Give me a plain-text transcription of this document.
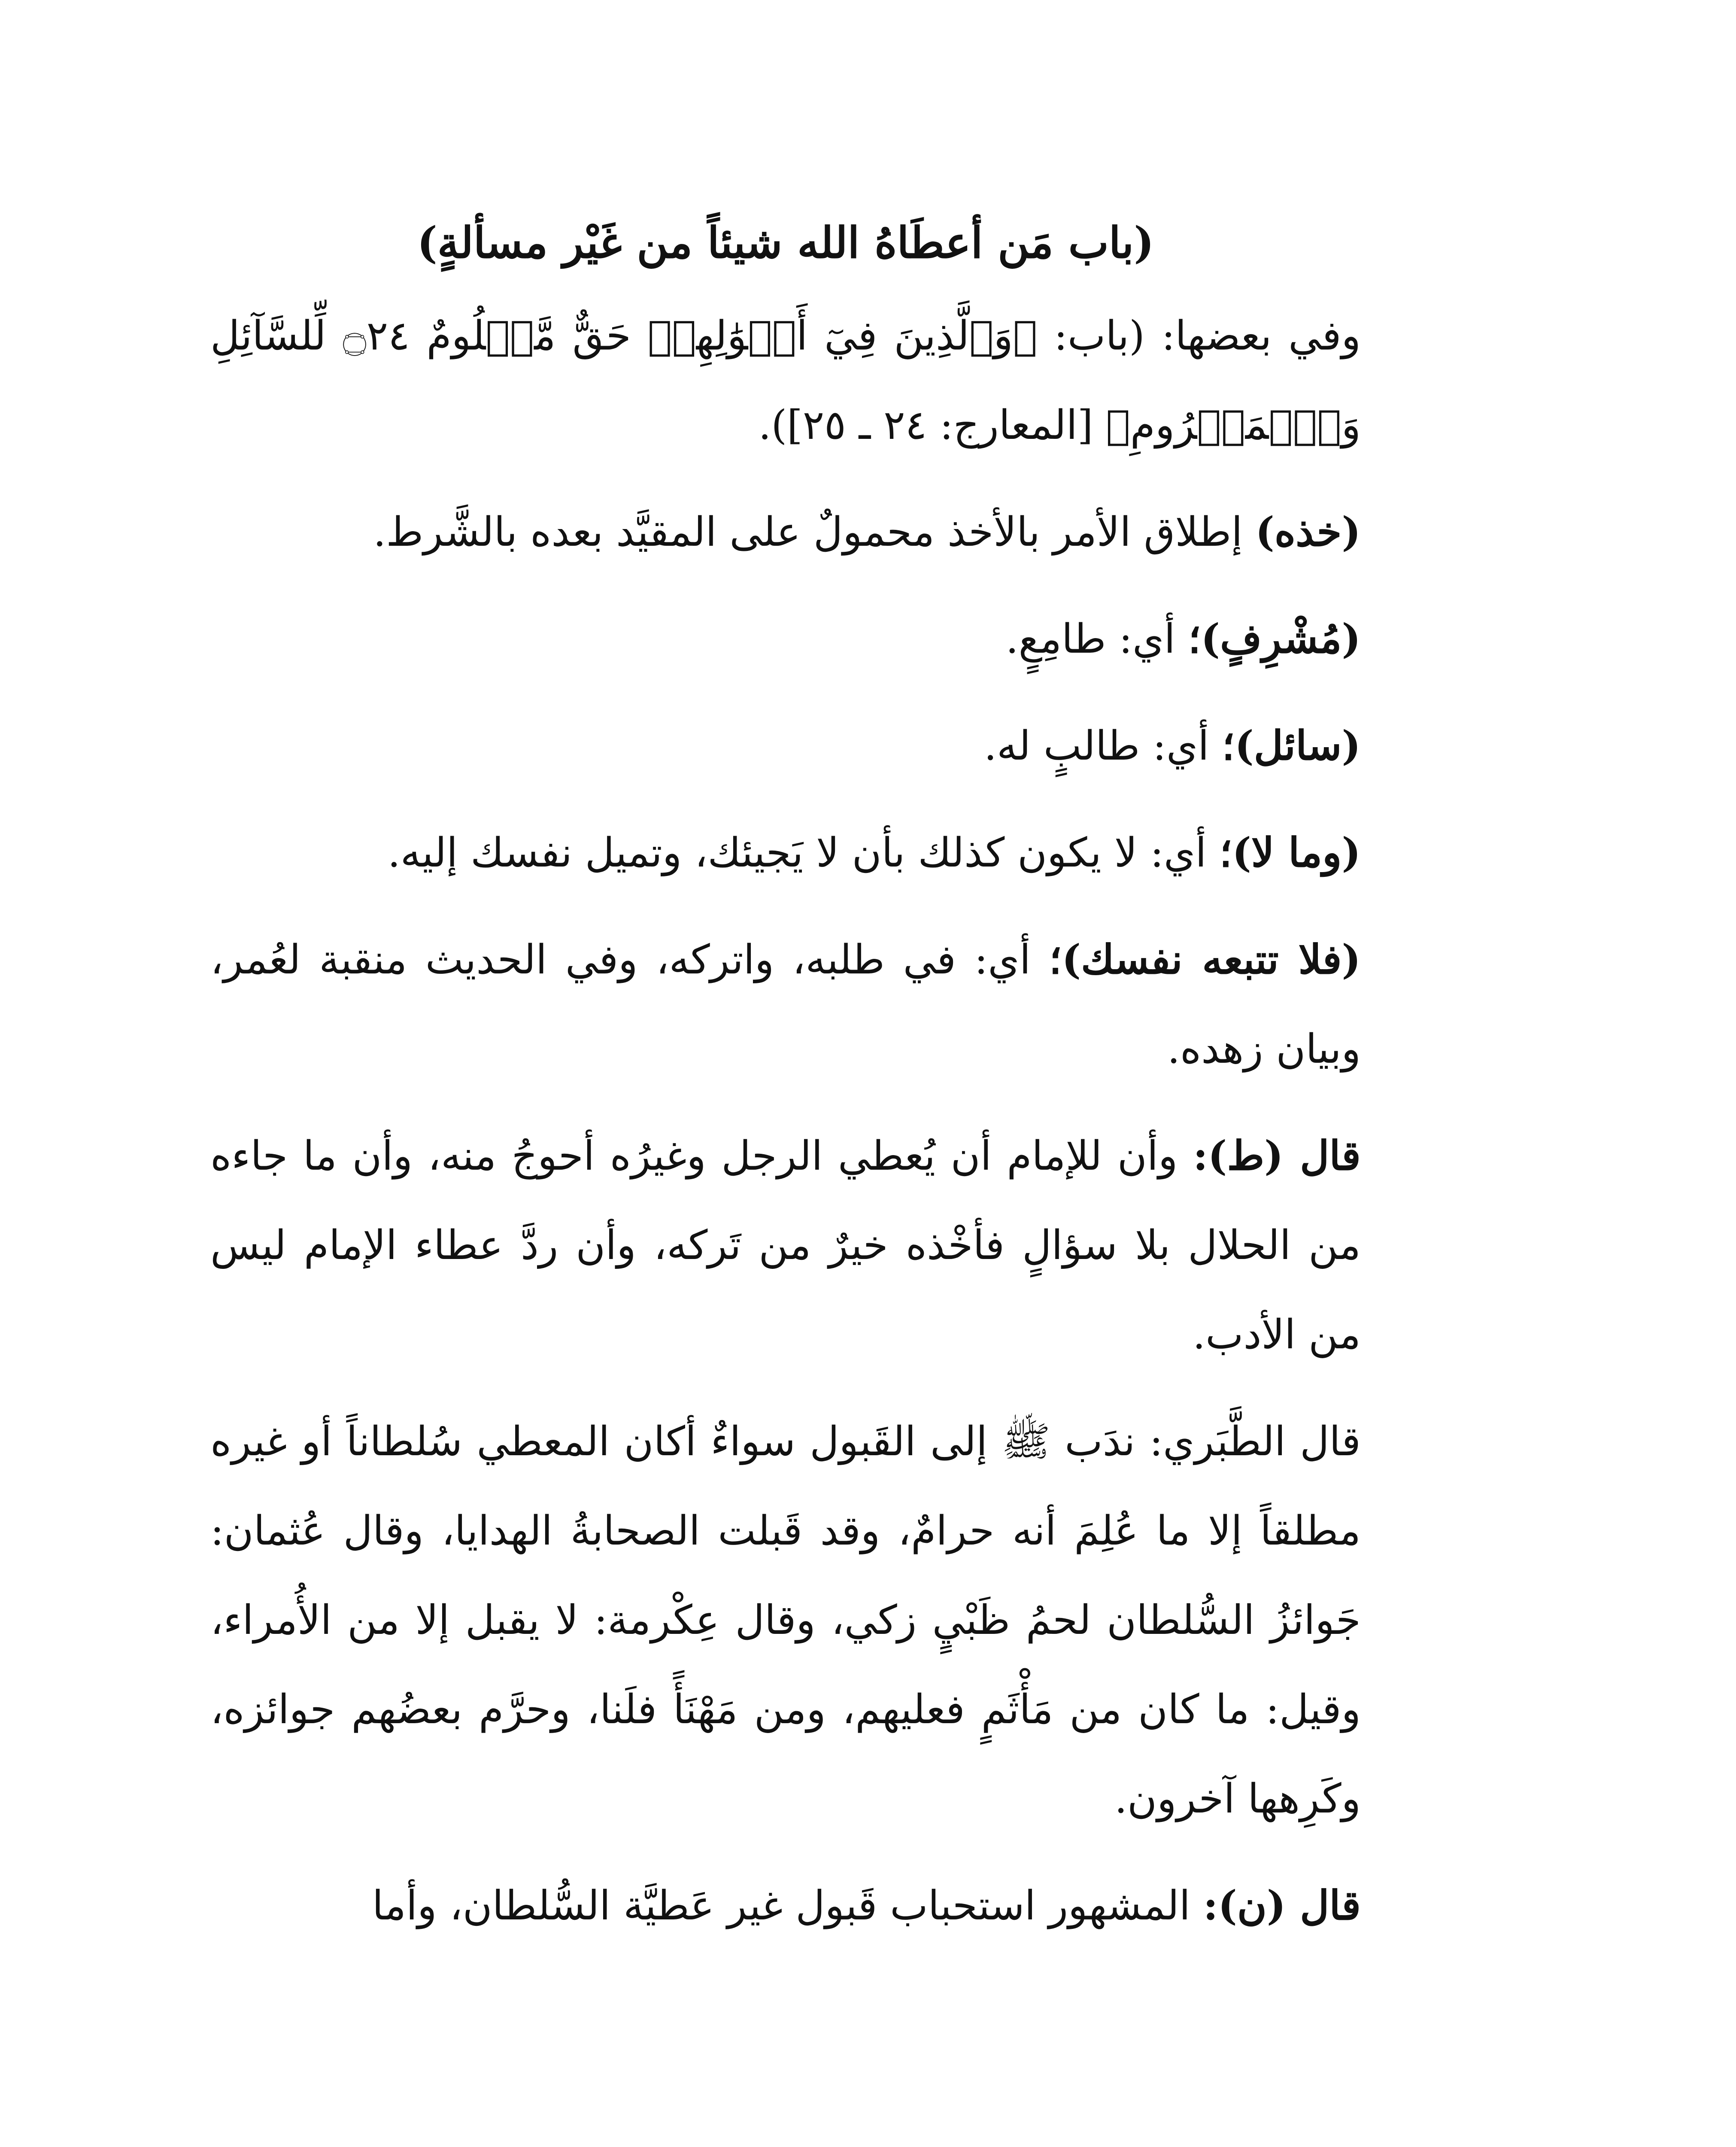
(باب مَن أعطَاهُ الله شيئاً من غَيْر مسألةٍ)

وفي بعضها: (باب: ﴿وَٱلَّذِينَ فِيٓ أَمۡوَٰلِهِمۡ حَقٌّ مَّعۡلُومٌ ۝٢٤ لِّلسَّآئِلِ وَٱلۡمَحۡرُومِ﴾ [المعارج: ٢٤ ـ ٢٥]).

(خذه) إطلاق الأمر بالأخذ محمولٌ على المقيَّد بعده بالشَّرط.

(مُشْرِفٍ)؛ أي: طامِعٍ.

(سائل)؛ أي: طالبٍ له.

(وما لا)؛ أي: لا يكون كذلك بأن لا يَجيئك، وتميل نفسك إليه.

(فلا تتبعه نفسك)؛ أي: في طلبه، واتركه، وفي الحديث منقبة لعُمر، وبيان زهده.

قال (ط): وأن للإمام أن يُعطي الرجل وغيرُه أحوجُ منه، وأن ما جاءه من الحلال بلا سؤالٍ فأخْذه خيرٌ من تَركه، وأن ردَّ عطاء الإمام ليس من الأدب.

قال الطَّبَري: ندَب ﷺ إلى القَبول سواءٌ أكان المعطي سُلطاناً أو غيره مطلقاً إلا ما عُلِمَ أنه حرامٌ، وقد قَبلت الصحابةُ الهدايا، وقال عُثمان: جَوائزُ السُّلطان لحمُ ظَبْيٍ زكي، وقال عِكْرمة: لا يقبل إلا من الأُمراء، وقيل: ما كان من مَأْثَمٍ فعليهم، ومن مَهْنَأً فلَنا، وحرَّم بعضُهم جوائزه، وكَرِهها آخرون.

قال (ن): المشهور استحباب قَبول غير عَطيَّة السُّلطان، وأما
